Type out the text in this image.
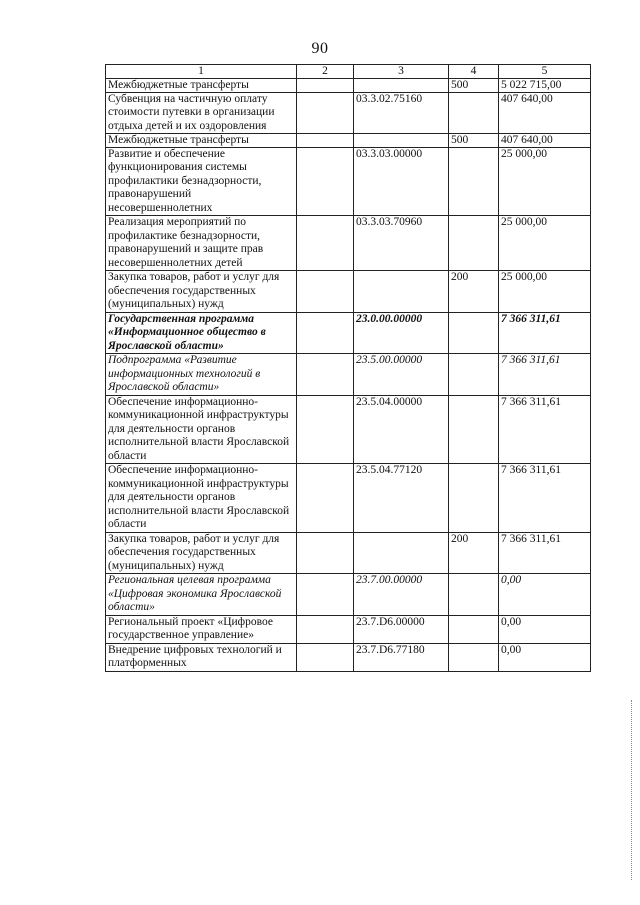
90
1	2	3	4	5
Межбюджетные трансферты			500	5 022 715,00
Субвенция на частичную оплату стоимости путевки в организации отдыха детей и их оздоровления		03.3.02.75160		407 640,00
Межбюджетные трансферты			500	407 640,00
Развитие и обеспечение функционирования системы профилактики безнадзорности, правонарушений несовершеннолетних		03.3.03.00000		25 000,00
Реализация мероприятий по профилактике безнадзорности, правонарушений и защите прав несовершеннолетних детей		03.3.03.70960		25 000,00
Закупка товаров, работ и услуг для обеспечения государственных (муниципальных) нужд			200	25 000,00
Государственная программа «Информационное общество в Ярославской области»		23.0.00.00000		7 366 311,61
Подпрограмма «Развитие информационных технологий в Ярославской области»		23.5.00.00000		7 366 311,61
Обеспечение информационно-коммуникационной инфраструктуры для деятельности органов исполнительной власти Ярославской области		23.5.04.00000		7 366 311,61
Обеспечение информационно-коммуникационной инфраструктуры для деятельности органов исполнительной власти Ярославской области		23.5.04.77120		7 366 311,61
Закупка товаров, работ и услуг для обеспечения государственных (муниципальных) нужд			200	7 366 311,61
Региональная целевая программа «Цифровая экономика Ярославской области»		23.7.00.00000		0,00
Региональный проект «Цифровое государственное управление»		23.7.D6.00000		0,00
Внедрение цифровых технологий и платформенных		23.7.D6.77180		0,00
